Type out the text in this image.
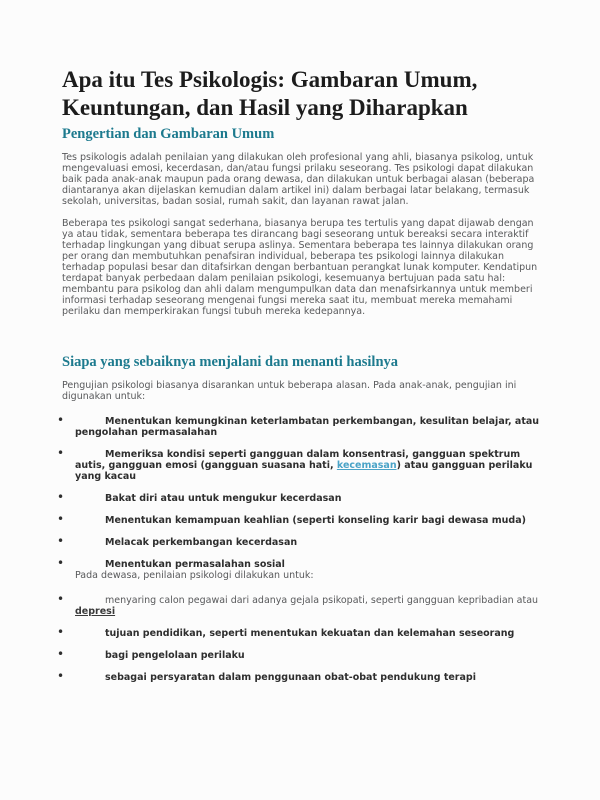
Apa itu Tes Psikologis: Gambaran Umum, Keuntungan, dan Hasil yang Diharapkan
Pengertian dan Gambaran Umum

Tes psikologis adalah penilaian yang dilakukan oleh profesional yang ahli, biasanya psikolog, untuk mengevaluasi emosi, kecerdasan, dan/atau fungsi prilaku seseorang. Tes psikologi dapat dilakukan baik pada anak-anak maupun pada orang dewasa, dan dilakukan untuk berbagai alasan (beberapa diantaranya akan dijelaskan kemudian dalam artikel ini) dalam berbagai latar belakang, termasuk sekolah, universitas, badan sosial, rumah sakit, dan layanan rawat jalan.

Beberapa tes psikologi sangat sederhana, biasanya berupa tes tertulis yang dapat dijawab dengan ya atau tidak, sementara beberapa tes dirancang bagi seseorang untuk bereaksi secara interaktif terhadap lingkungan yang dibuat serupa aslinya. Sementara beberapa tes lainnya dilakukan orang per orang dan membutuhkan penafsiran individual, beberapa tes psikologi lainnya dilakukan terhadap populasi besar dan ditafsirkan dengan berbantuan perangkat lunak komputer. Kendatipun terdapat banyak perbedaan dalam penilaian psikologi, kesemuanya bertujuan pada satu hal: membantu para psikolog dan ahli dalam mengumpulkan data dan menafsirkannya untuk memberi informasi terhadap seseorang mengenai fungsi mereka saat itu, membuat mereka memahami perilaku dan memperkirakan fungsi tubuh mereka kedepannya.

Siapa yang sebaiknya menjalani dan menanti hasilnya

Pengujian psikologi biasanya disarankan untuk beberapa alasan. Pada anak-anak, pengujian ini digunakan untuk:

• Menentukan kemungkinan keterlambatan perkembangan, kesulitan belajar, atau pengolahan permasalahan
• Memeriksa kondisi seperti gangguan dalam konsentrasi, gangguan spektrum autis, gangguan emosi (gangguan suasana hati, kecemasan) atau gangguan perilaku yang kacau
• Bakat diri atau untuk mengukur kecerdasan
• Menentukan kemampuan keahlian (seperti konseling karir bagi dewasa muda)
• Melacak perkembangan kecerdasan
• Menentukan permasalahan sosial

Pada dewasa, penilaian psikologi dilakukan untuk:

• menyaring calon pegawai dari adanya gejala psikopati, seperti gangguan kepribadian atau depresi
• tujuan pendidikan, seperti menentukan kekuatan dan kelemahan seseorang
• bagi pengelolaan perilaku
• sebagai persyaratan dalam penggunaan obat-obat pendukung terapi
